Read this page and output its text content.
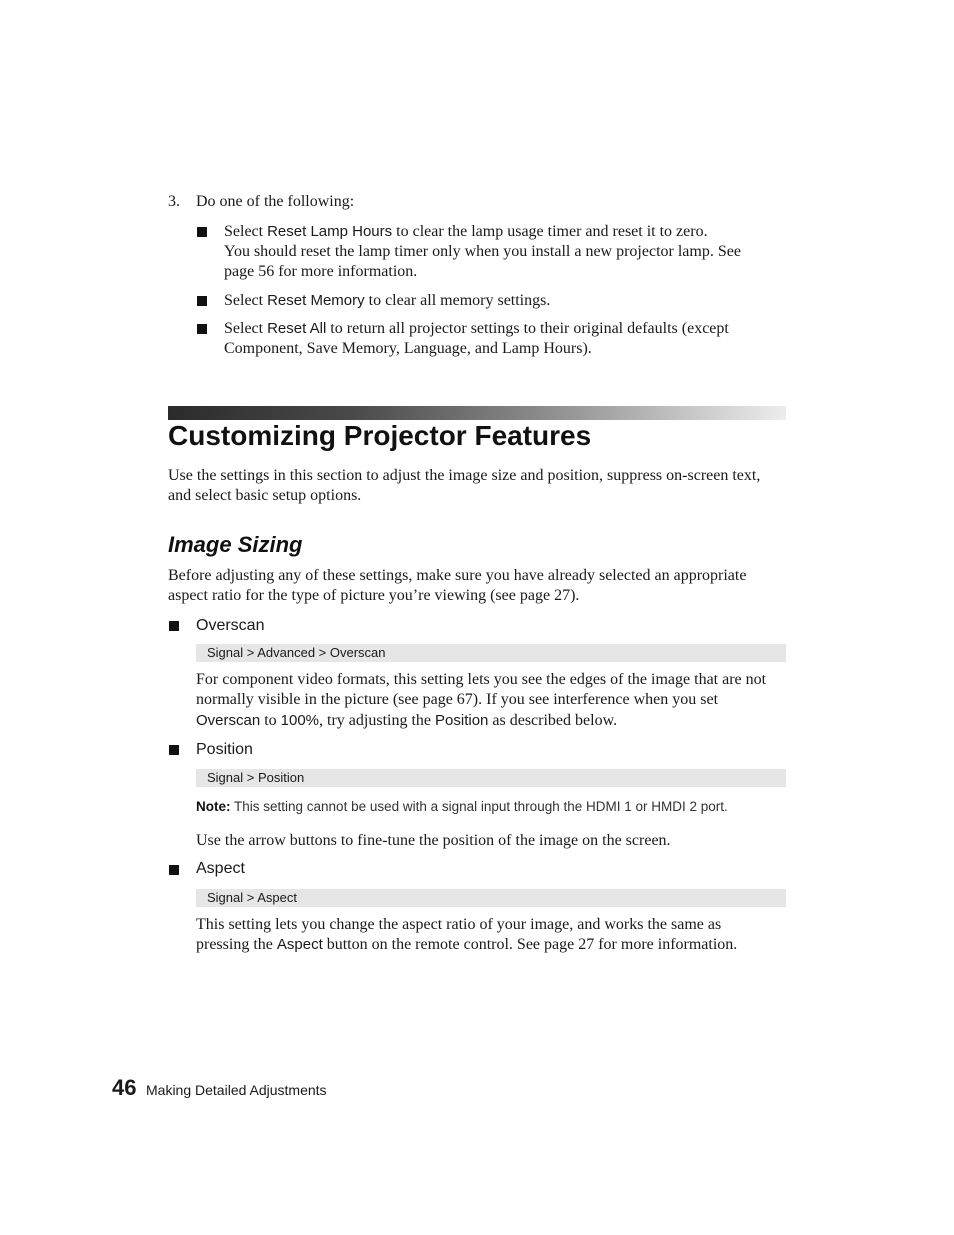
3. Do one of the following:
Select Reset Lamp Hours to clear the lamp usage timer and reset it to zero.
You should reset the lamp timer only when you install a new projector lamp. See
page 56 for more information.
Select Reset Memory to clear all memory settings.
Select Reset All to return all projector settings to their original defaults (except
Component, Save Memory, Language, and Lamp Hours).
Customizing Projector Features
Use the settings in this section to adjust the image size and position, suppress on-screen text,
and select basic setup options.
Image Sizing
Before adjusting any of these settings, make sure you have already selected an appropriate
aspect ratio for the type of picture you’re viewing (see page 27).
Overscan
Signal > Advanced > Overscan
For component video formats, this setting lets you see the edges of the image that are not
normally visible in the picture (see page 67). If you see interference when you set
Overscan to 100%, try adjusting the Position as described below.
Position
Signal > Position
Note: This setting cannot be used with a signal input through the HDMI 1 or HMDI 2 port.
Use the arrow buttons to fine-tune the position of the image on the screen.
Aspect
Signal > Aspect
This setting lets you change the aspect ratio of your image, and works the same as
pressing the Aspect button on the remote control. See page 27 for more information.
46 Making Detailed Adjustments
